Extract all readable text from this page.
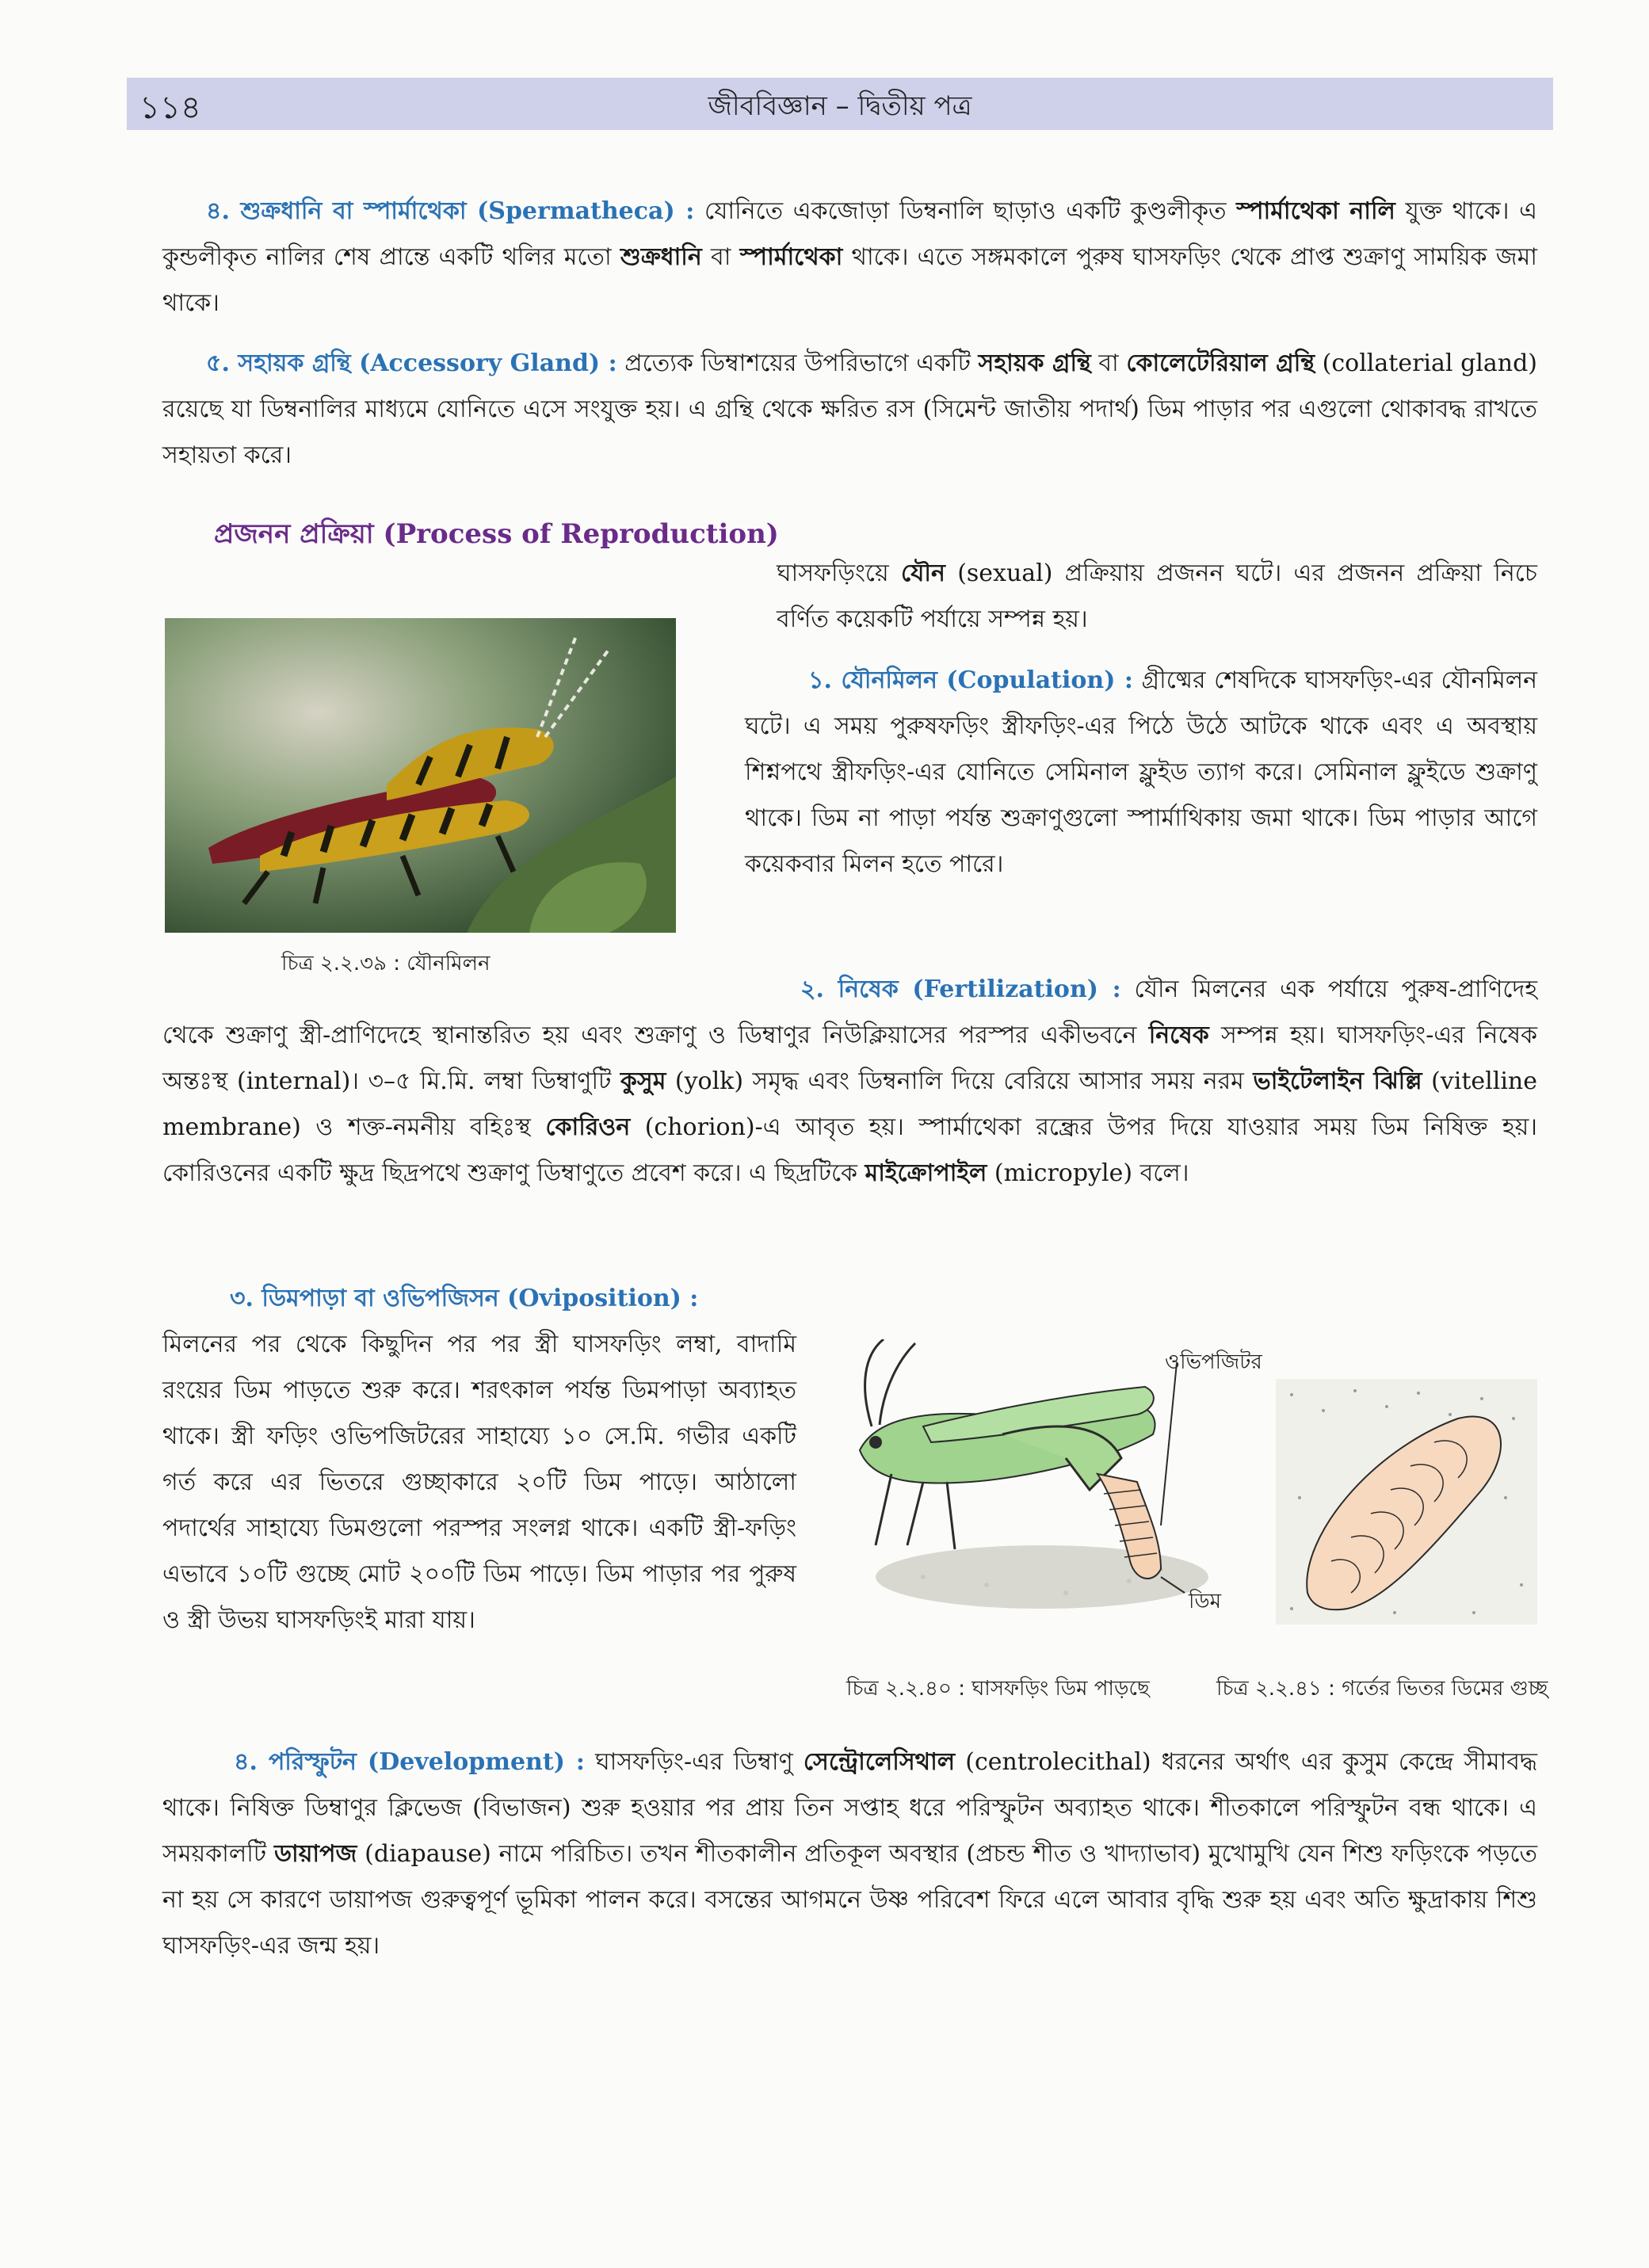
১১৪	জীববিজ্ঞান – দ্বিতীয় পত্র

৪. শুক্রধানি বা স্পার্মাথেকা (Spermatheca) : যোনিতে একজোড়া ডিম্বনালি ছাড়াও একটি কুণ্ডলীকৃত স্পার্মাথেকা নালি যুক্ত থাকে। এ কুন্ডলীকৃত নালির শেষ প্রান্তে একটি থলির মতো শুক্রধানি বা স্পার্মাথেকা থাকে। এতে সঙ্গমকালে পুরুষ ঘাসফড়িং থেকে প্রাপ্ত শুক্রাণু সাময়িক জমা থাকে।

৫. সহায়ক গ্রন্থি (Accessory Gland) : প্রত্যেক ডিম্বাশয়ের উপরিভাগে একটি সহায়ক গ্রন্থি বা কোলেটেরিয়াল গ্রন্থি (collaterial gland) রয়েছে যা ডিম্বনালির মাধ্যমে যোনিতে এসে সংযুক্ত হয়। এ গ্রন্থি থেকে ক্ষরিত রস (সিমেন্ট জাতীয় পদার্থ) ডিম পাড়ার পর এগুলো থোকাবদ্ধ রাখতে সহায়তা করে।

প্রজনন প্রক্রিয়া (Process of Reproduction)
চিত্র ২.২.৩৯ : যৌনমিলন

ঘাসফড়িংয়ে যৌন (sexual) প্রক্রিয়ায় প্রজনন ঘটে। এর প্রজনন প্রক্রিয়া নিচে বর্ণিত কয়েকটি পর্যায়ে সম্পন্ন হয়।

১. যৌনমিলন (Copulation) : গ্রীষ্মের শেষদিকে ঘাসফড়িং-এর যৌনমিলন ঘটে। এ সময় পুরুষফড়িং স্ত্রীফড়িং-এর পিঠে উঠে আটকে থাকে এবং এ অবস্থায় শিশ্নপথে স্ত্রীফড়িং-এর যোনিতে সেমিনাল ফ্লুইড ত্যাগ করে। সেমিনাল ফ্লুইডে শুক্রাণু থাকে। ডিম না পাড়া পর্যন্ত শুক্রাণুগুলো স্পার্মাথিকায় জমা থাকে। ডিম পাড়ার আগে কয়েকবার মিলন হতে পারে।

২. নিষেক (Fertilization) : যৌন মিলনের এক পর্যায়ে পুরুষ-প্রাণিদেহ থেকে শুক্রাণু স্ত্রী-প্রাণিদেহে স্থানান্তরিত হয় এবং শুক্রাণু ও ডিম্বাণুর নিউক্লিয়াসের পরস্পর একীভবনে নিষেক সম্পন্ন হয়। ঘাসফড়িং-এর নিষেক অন্তঃস্থ (internal)। ৩–৫ মি.মি. লম্বা ডিম্বাণুটি কুসুম (yolk) সমৃদ্ধ এবং ডিম্বনালি দিয়ে বেরিয়ে আসার সময় নরম ভাইটেলাইন ঝিল্লি (vitelline membrane) ও শক্ত-নমনীয় বহিঃস্থ কোরিওন (chorion)-এ আবৃত হয়। স্পার্মাথেকা রন্ধ্রের উপর দিয়ে যাওয়ার সময় ডিম নিষিক্ত হয়। কোরিওনের একটি ক্ষুদ্র ছিদ্রপথে শুক্রাণু ডিম্বাণুতে প্রবেশ করে। এ ছিদ্রটিকে মাইক্রোপাইল (micropyle) বলে।

৩. ডিমপাড়া বা ওভিপজিসন (Oviposition) :

মিলনের পর থেকে কিছুদিন পর পর স্ত্রী ঘাসফড়িং লম্বা, বাদামি রংয়ের ডিম পাড়তে শুরু করে। শরৎকাল পর্যন্ত ডিমপাড়া অব্যাহত থাকে। স্ত্রী ফড়িং ওভিপজিটরের সাহায্যে ১০ সে.মি. গভীর একটি গর্ত করে এর ভিতরে গুচ্ছাকারে ২০টি ডিম পাড়ে। আঠালো পদার্থের সাহায্যে ডিমগুলো পরস্পর সংলগ্ন থাকে। একটি স্ত্রী-ফড়িং এভাবে ১০টি গুচ্ছে মোট ২০০টি ডিম পাড়ে। ডিম পাড়ার পর পুরুষ ও স্ত্রী উভয় ঘাসফড়িংই মারা যায়।

ওভিপজিটর
ডিম
চিত্র ২.২.৪০ : ঘাসফড়িং ডিম পাড়ছে	চিত্র ২.২.৪১ : গর্তের ভিতর ডিমের গুচ্ছ

৪. পরিস্ফুটন (Development) : ঘাসফড়িং-এর ডিম্বাণু সেন্ট্রোলেসিথাল (centrolecithal) ধরনের অর্থাৎ এর কুসুম কেন্দ্রে সীমাবদ্ধ থাকে। নিষিক্ত ডিম্বাণুর ক্লিভেজ (বিভাজন) শুরু হওয়ার পর প্রায় তিন সপ্তাহ ধরে পরিস্ফুটন অব্যাহত থাকে। শীতকালে পরিস্ফুটন বন্ধ থাকে। এ সময়কালটি ডায়াপজ (diapause) নামে পরিচিত। তখন শীতকালীন প্রতিকূল অবস্থার (প্রচন্ড শীত ও খাদ্যাভাব) মুখোমুখি যেন শিশু ফড়িংকে পড়তে না হয় সে কারণে ডায়াপজ গুরুত্বপূর্ণ ভূমিকা পালন করে। বসন্তের আগমনে উষ্ণ পরিবেশ ফিরে এলে আবার বৃদ্ধি শুরু হয় এবং অতি ক্ষুদ্রাকায় শিশু ঘাসফড়িং-এর জন্ম হয়।
